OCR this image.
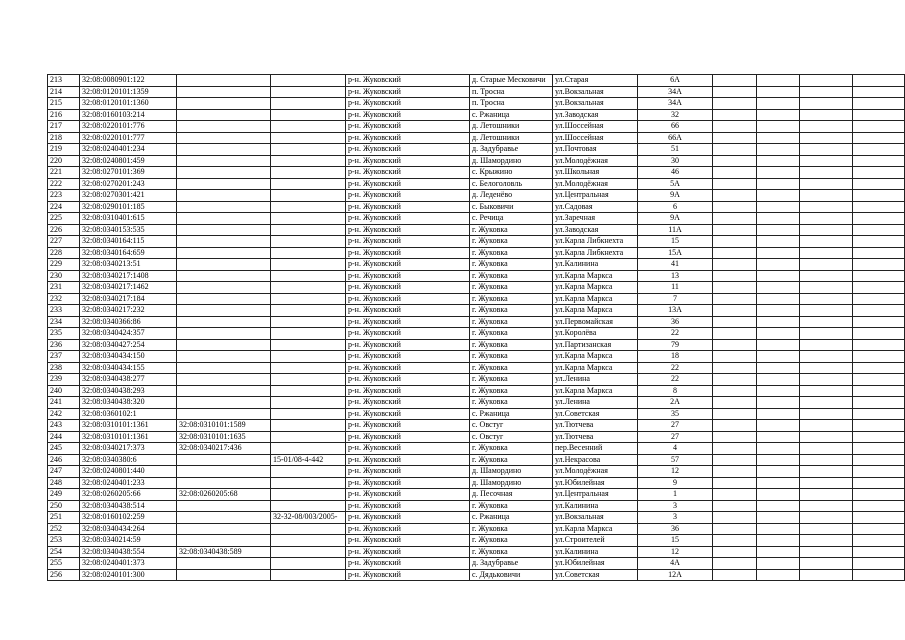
213	32:08:0080901:122			р-н. Жуковский	д. Старые Месковичи	ул.Старая	6А				
214	32:08:0120101:1359			р-н. Жуковский	п. Тросна	ул.Вокзальная	34А				
215	32:08:0120101:1360			р-н. Жуковский	п. Тросна	ул.Вокзальная	34А				
216	32:08:0160103:214			р-н. Жуковский	с. Ржаница	ул.Заводская	32				
217	32:08:0220101:776			р-н. Жуковский	д. Летошники	ул.Шоссейная	66				
218	32:08:0220101:777			р-н. Жуковский	д. Летошники	ул.Шоссейная	66А				
219	32:08:0240401:234			р-н. Жуковский	д. Задубравье	ул.Почтовая	51				
220	32:08:0240801:459			р-н. Жуковский	д. Шамордино	ул.Молодёжная	30				
221	32:08:0270101:369			р-н. Жуковский	с. Крыжино	ул.Школьная	46				
222	32:08:0270201:243			р-н. Жуковский	с. Белоголовль	ул.Молодёжная	5А				
223	32:08:0270301:421			р-н. Жуковский	д. Леденёво	ул.Центральная	9А				
224	32:08:0290101:185			р-н. Жуковский	с. Быковичи	ул.Садовая	6				
225	32:08:0310401:615			р-н. Жуковский	с. Речица	ул.Заречная	9А				
226	32:08:0340153:535			р-н. Жуковский	г. Жуковка	ул.Заводская	11А				
227	32:08:0340164:115			р-н. Жуковский	г. Жуковка	ул.Карла Либкнехта	15				
228	32:08:0340164:659			р-н. Жуковский	г. Жуковка	ул.Карла Либкнехта	15А				
229	32:08:0340213:51			р-н. Жуковский	г. Жуковка	ул.Калинина	41				
230	32:08:0340217:1408			р-н. Жуковский	г. Жуковка	ул.Карла Маркса	13				
231	32:08:0340217:1462			р-н. Жуковский	г. Жуковка	ул.Карла Маркса	11				
232	32:08:0340217:184			р-н. Жуковский	г. Жуковка	ул.Карла Маркса	7				
233	32:08:0340217:232			р-н. Жуковский	г. Жуковка	ул.Карла Маркса	13А				
234	32:08:0340366:86			р-н. Жуковский	г. Жуковка	ул.Первомайская	36				
235	32:08:0340424:357			р-н. Жуковский	г. Жуковка	ул.Королёва	22				
236	32:08:0340427:254			р-н. Жуковский	г. Жуковка	ул.Партизанская	79				
237	32:08:0340434:150			р-н. Жуковский	г. Жуковка	ул.Карла Маркса	18				
238	32:08:0340434:155			р-н. Жуковский	г. Жуковка	ул.Карла Маркса	22				
239	32:08:0340438:277			р-н. Жуковский	г. Жуковка	ул.Ленина	22				
240	32:08:0340438:293			р-н. Жуковский	г. Жуковка	ул.Карла Маркса	8				
241	32:08:0340438:320			р-н. Жуковский	г. Жуковка	ул.Ленина	2А				
242	32:08:0360102:1			р-н. Жуковский	с. Ржаница	ул.Советская	35				
243	32:08:0310101:1361	32:08:0310101:1589		р-н. Жуковский	с. Овстуг	ул.Тютчева	27				
244	32:08:0310101:1361	32:08:0310101:1635		р-н. Жуковский	с. Овстуг	ул.Тютчева	27				
245	32:08:0340217:373	32:08:0340217:436		р-н. Жуковский	г. Жуковка	пер.Весенний	4				
246	32:08:0340380:6		15-01/08-4-442	р-н. Жуковский	г. Жуковка	ул.Некрасова	57				
247	32:08:0240801:440			р-н. Жуковский	д. Шамордино	ул.Молодёжная	12				
248	32:08:0240401:233			р-н. Жуковский	д. Шамордино	ул.Юбилейная	9				
249	32:08:0260205:66	32:08:0260205:68		р-н. Жуковский	д. Песочная	ул.Центральная	1				
250	32:08:0340438:514			р-н. Жуковский	г. Жуковка	ул.Калинина	3				
251	32:08:0160102:259		32-32-08/003/2005-	р-н. Жуковский	с. Ржаница	ул.Вокзальная	3				
252	32:08:0340434:264			р-н. Жуковский	г. Жуковка	ул.Карла Маркса	36				
253	32:08:0340214:59			р-н. Жуковский	г. Жуковка	ул.Строителей	15				
254	32:08:0340438:554	32:08:0340438:589		р-н. Жуковский	г. Жуковка	ул.Калинина	12				
255	32:08:0240401:373			р-н. Жуковский	д. Задубравье	ул.Юбилейная	4А				
256	32:08:0240101:300			р-н. Жуковский	с. Дядьковичи	ул.Советская	12А				
